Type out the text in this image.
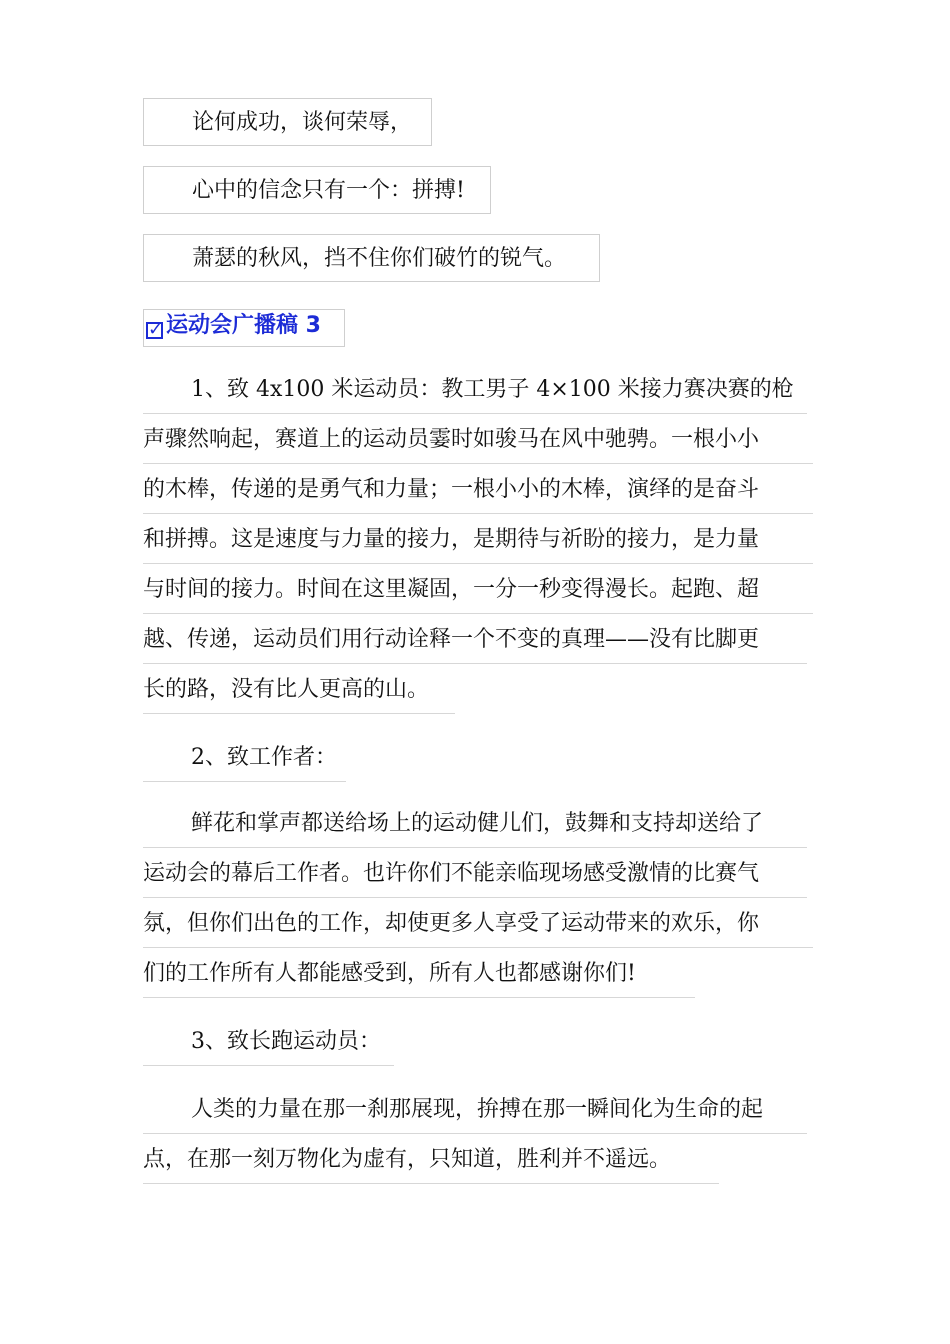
论何成功，谈何荣辱，
心中的信念只有一个：拼搏!
萧瑟的秋风，挡不住你们破竹的锐气。
✓ 运动会广播稿 3
1、致 4x100 米运动员：教工男子 4×100 米接力赛决赛的枪
声骤然响起，赛道上的运动员霎时如骏马在风中驰骋。一根小小
的木棒，传递的是勇气和力量；一根小小的木棒，演绎的是奋斗
和拼搏。这是速度与力量的接力，是期待与祈盼的接力，是力量
与时间的接力。时间在这里凝固，一分一秒变得漫长。起跑、超
越、传递，运动员们用行动诠释一个不变的真理——没有比脚更
长的路，没有比人更高的山。
2、致工作者：
鲜花和掌声都送给场上的运动健儿们，鼓舞和支持却送给了
运动会的幕后工作者。也许你们不能亲临现场感受激情的比赛气
氛，但你们出色的工作，却使更多人享受了运动带来的欢乐，你
们的工作所有人都能感受到，所有人也都感谢你们!
3、致长跑运动员：
人类的力量在那一刹那展现，拚搏在那一瞬间化为生命的起
点，在那一刻万物化为虚有，只知道，胜利并不遥远。
